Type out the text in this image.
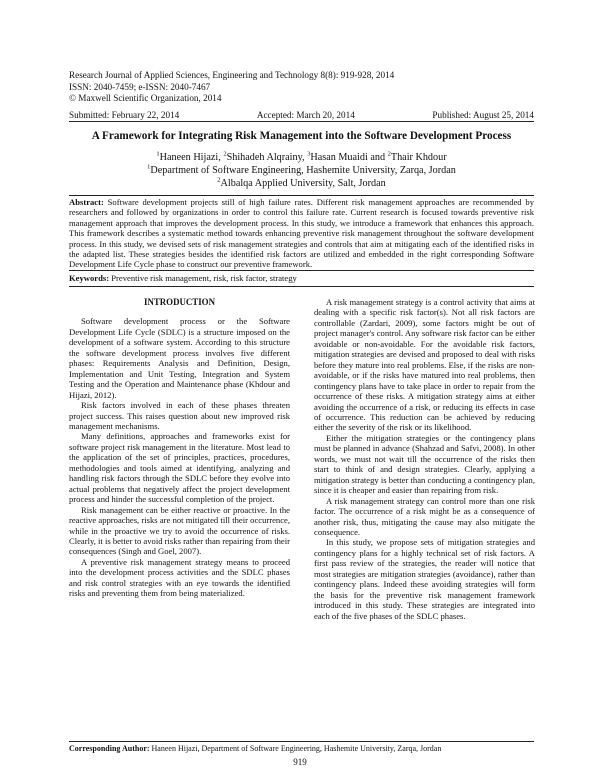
Research Journal of Applied Sciences, Engineering and Technology 8(8): 919-928, 2014
ISSN: 2040-7459; e-ISSN: 2040-7467
© Maxwell Scientific Organization, 2014
Submitted: February 22, 2014	Accepted: March 20, 2014	Published: August 25, 2014
A Framework for Integrating Risk Management into the Software Development Process
$^1$Haneen Hijazi, $^2$Shihadeh Alqrainy, $^3$Hasan Muaidi and $^2$Thair Khdour
$^1$Department of Software Engineering, Hashemite University, Zarqa, Jordan
$^2$Albalqa Applied University, Salt, Jordan
Abstract: Software development projects still of high failure rates. Different risk management approaches are recommended by researchers and followed by organizations in order to control this failure rate. Current research is focused towards preventive risk management approach that improves the development process. In this study, we introduce a framework that enhances this approach. This framework describes a systematic method towards enhancing preventive risk management throughout the software development process. In this study, we devised sets of risk management strategies and controls that aim at mitigating each of the identified risks in the adapted list. These strategies besides the identified risk factors are utilized and embedded in the right corresponding Software Development Life Cycle phase to construct our preventive framework.
Keywords: Preventive risk management, risk, risk factor, strategy

INTRODUCTION

Software development process or the Software Development Life Cycle (SDLC) is a structure imposed on the development of a software system. According to this structure the software development process involves five different phases: Requirements Analysis and Definition, Design, Implementation and Unit Testing, Integration and System Testing and the Operation and Maintenance phase (Khdour and Hijazi, 2012).

Risk factors involved in each of these phases threaten project success. This raises question about new improved risk management mechanisms.

Many definitions, approaches and frameworks exist for software project risk management in the literature. Most lead to the application of the set of principles, practices, procedures, methodologies and tools aimed at identifying, analyzing and handling risk factors through the SDLC before they evolve into actual problems that negatively affect the project development process and hinder the successful completion of the project.

Risk management can be either reactive or proactive. In the reactive approaches, risks are not mitigated till their occurrence, while in the proactive we try to avoid the occurrence of risks. Clearly, it is better to avoid risks rather than repairing from their consequences (Singh and Goel, 2007).

A preventive risk management strategy means to proceed into the development process activities and the SDLC phases and risk control strategies with an eye towards the identified risks and preventing them from being materialized.

A risk management strategy is a control activity that aims at dealing with a specific risk factor(s). Not all risk factors are controllable (Zardari, 2009), some factors might be out of project manager's control. Any software risk factor can be either avoidable or non-avoidable. For the avoidable risk factors, mitigation strategies are devised and proposed to deal with risks before they mature into real problems. Else, if the risks are non-avoidable, or if the risks have matured into real problems, then contingency plans have to take place in order to repair from the occurrence of these risks. A mitigation strategy aims at either avoiding the occurrence of a risk, or reducing its effects in case of occurrence. This reduction can be achieved by reducing either the severity of the risk or its likelihood.

Either the mitigation strategies or the contingency plans must be planned in advance (Shahzad and Safvi, 2008). In other words, we must not wait till the occurrence of the risks then start to think of and design strategies. Clearly, applying a mitigation strategy is better than conducting a contingency plan, since it is cheaper and easier than repairing from risk.

A risk management strategy can control more than one risk factor. The occurrence of a risk might be as a consequence of another risk, thus, mitigating the cause may also mitigate the consequence.

In this study, we propose sets of mitigation strategies and contingency plans for a highly technical set of risk factors. A first pass review of the strategies, the reader will notice that most strategies are mitigation strategies (avoidance), rather than contingency plans. Indeed these avoiding strategies will form the basis for the preventive risk management framework introduced in this study. These strategies are integrated into each of the five phases of the SDLC phases.

Corresponding Author: Haneen Hijazi, Department of Software Engineering, Hashemite University, Zarqa, Jordan
919
